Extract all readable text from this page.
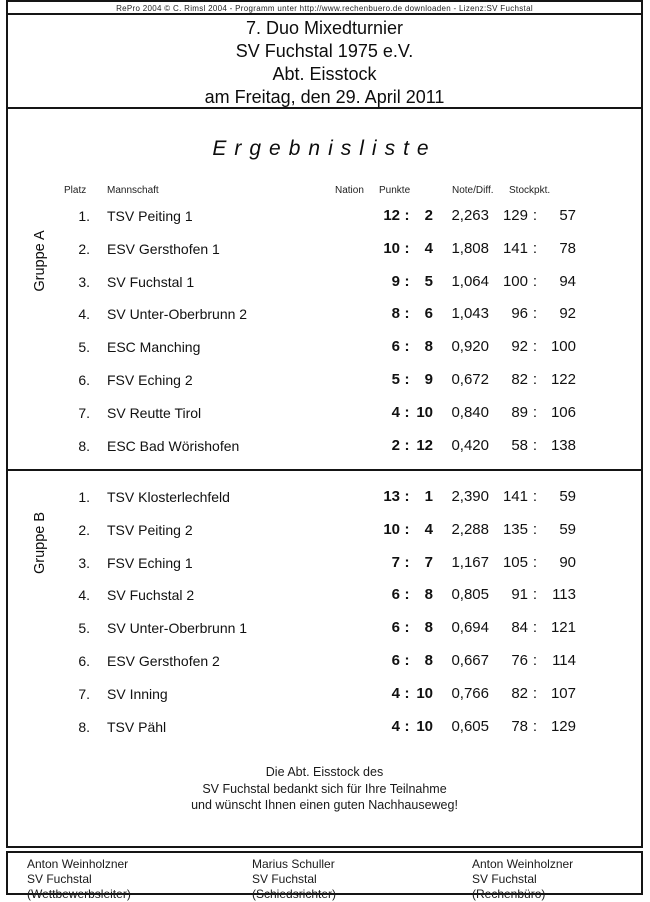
RePro 2004 © C. Rimsl 2004 - Programm unter http://www.rechenbuero.de downloaden - Lizenz:SV Fuchstal
7. Duo Mixedturnier
SV Fuchstal 1975 e.V.
Abt. Eisstock
am Freitag, den 29. April 2011
Ergebnisliste
Platz Mannschaft	Nation Punkte	Note/Diff. Stockpkt.
Gruppe A
1. TSV Peiting 1	12 :	2	2,263 129 :	57
2. ESV Gersthofen 1	10 :	4	1,808 141 :	78
3. SV Fuchstal 1	9 :	5	1,064 100 :	94
4. SV Unter-Oberbrunn 2	8 :	6	1,043	96 :	92
5. ESC Manching	6 :	8	0,920	92 : 100
6. FSV Eching 2	5 :	9	0,672	82 : 122
7. SV Reutte Tirol	4 : 10	0,840	89 : 106
8. ESC Bad Wörishofen	2 : 12	0,420	58 : 138
Gruppe B
1. TSV Klosterlechfeld	13 :	1	2,390 141 :	59
2. TSV Peiting 2	10 :	4	2,288 135 :	59
3. FSV Eching 1	7 :	7	1,167 105 :	90
4. SV Fuchstal 2	6 :	8	0,805	91 :	113
5. SV Unter-Oberbrunn 1	6 :	8	0,694	84 : 121
6. ESV Gersthofen 2	6 :	8	0,667	76 :	114
7. SV Inning	4 : 10	0,766	82 : 107
8. TSV Pähl	4 : 10	0,605	78 : 129
Die Abt. Eisstock des
SV Fuchstal bedankt sich für Ihre Teilnahme
und wünscht Ihnen einen guten Nachhauseweg!
Anton Weinholzner
SV Fuchstal
(Wettbewerbsleiter)
Marius Schuller
SV Fuchstal
(Schiedsrichter)
Anton Weinholzner
SV Fuchstal
(Rechenbüro)
